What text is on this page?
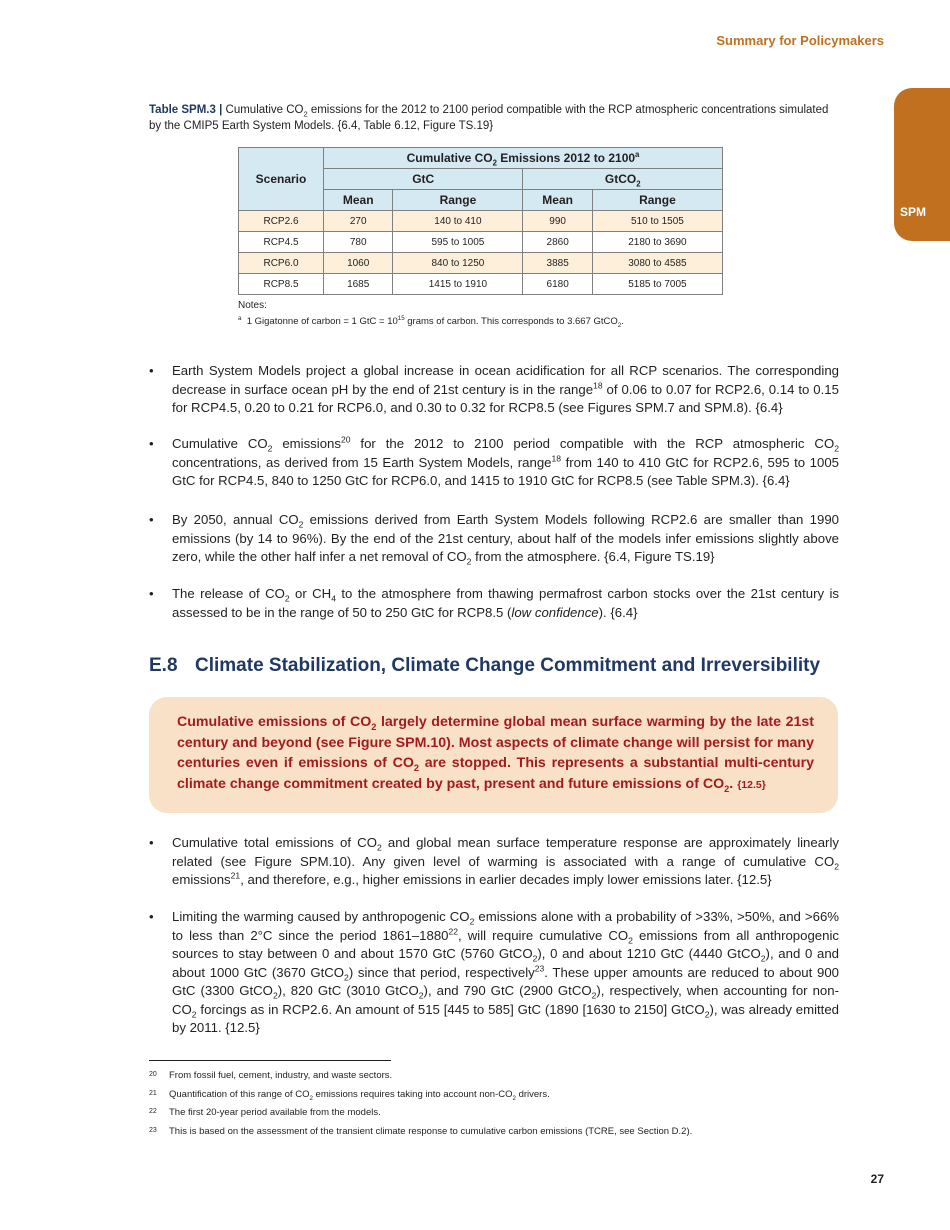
Summary for Policymakers
SPM
Table SPM.3 | Cumulative $CO_2$ emissions for the 2012 to 2100 period compatible with the RCP atmospheric concentrations simulated by the CMIP5 Earth System Models. {6.4, Table 6.12, Figure TS.19}
Scenario	Cumulative $CO_2$ Emissions 2012 to 2100$^a$
	GtC		GtCO$_2$
	Mean	Range	Mean	Range
RCP2.6	270	140 to 410	990	510 to 1505
RCP4.5	780	595 to 1005	2860	2180 to 3690
RCP6.0	1060	840 to 1250	3885	3080 to 4585
RCP8.5	1685	1415 to 1910	6180	5185 to 7005
Notes:
$^a$ 1 Gigatonne of carbon = 1 GtC = $10^{15}$ grams of carbon. This corresponds to 3.667 GtCO$_2$.
• Earth System Models project a global increase in ocean acidification for all RCP scenarios. The corresponding decrease in surface ocean pH by the end of 21st century is in the range$^{18}$ of 0.06 to 0.07 for RCP2.6, 0.14 to 0.15 for RCP4.5, 0.20 to 0.21 for RCP6.0, and 0.30 to 0.32 for RCP8.5 (see Figures SPM.7 and SPM.8). {6.4}
• Cumulative $CO_2$ emissions$^{20}$ for the 2012 to 2100 period compatible with the RCP atmospheric $CO_2$ concentrations, as derived from 15 Earth System Models, range$^{18}$ from 140 to 410 GtC for RCP2.6, 595 to 1005 GtC for RCP4.5, 840 to 1250 GtC for RCP6.0, and 1415 to 1910 GtC for RCP8.5 (see Table SPM.3). {6.4}
• By 2050, annual $CO_2$ emissions derived from Earth System Models following RCP2.6 are smaller than 1990 emissions (by 14 to 96%). By the end of the 21st century, about half of the models infer emissions slightly above zero, while the other half infer a net removal of $CO_2$ from the atmosphere. {6.4, Figure TS.19}
• The release of $CO_2$ or $CH_4$ to the atmosphere from thawing permafrost carbon stocks over the 21st century is assessed to be in the range of 50 to 250 GtC for RCP8.5 (low confidence). {6.4}
E.8 Climate Stabilization, Climate Change Commitment and Irreversibility

Cumulative emissions of $CO_2$ largely determine global mean surface warming by the late 21st century and beyond (see Figure SPM.10). Most aspects of climate change will persist for many centuries even if emissions of $CO_2$ are stopped. This represents a substantial multi-century climate change commitment created by past, present and future emissions of $CO_2$. {12.5}

• Cumulative total emissions of $CO_2$ and global mean surface temperature response are approximately linearly related (see Figure SPM.10). Any given level of warming is associated with a range of cumulative $CO_2$ emissions$^{21}$, and therefore, e.g., higher emissions in earlier decades imply lower emissions later. {12.5}
• Limiting the warming caused by anthropogenic $CO_2$ emissions alone with a probability of >33%, >50%, and >66% to less than 2°C since the period 1861–1880$^{22}$, will require cumulative $CO_2$ emissions from all anthropogenic sources to stay between 0 and about 1570 GtC (5760 GtCO$_2$), 0 and about 1210 GtC (4440 GtCO$_2$), and 0 and about 1000 GtC (3670 GtCO$_2$) since that period, respectively$^{23}$. These upper amounts are reduced to about 900 GtC (3300 GtCO$_2$), 820 GtC (3010 GtCO$_2$), and 790 GtC (2900 GtCO$_2$), respectively, when accounting for non-$CO_2$ forcings as in RCP2.6. An amount of 515 [445 to 585] GtC (1890 [1630 to 2150] GtCO$_2$), was already emitted by 2011. {12.5}
20 From fossil fuel, cement, industry, and waste sectors.
21 Quantification of this range of $CO_2$ emissions requires taking into account non-$CO_2$ drivers.
22 The first 20-year period available from the models.
23 This is based on the assessment of the transient climate response to cumulative carbon emissions (TCRE, see Section D.2).
27
